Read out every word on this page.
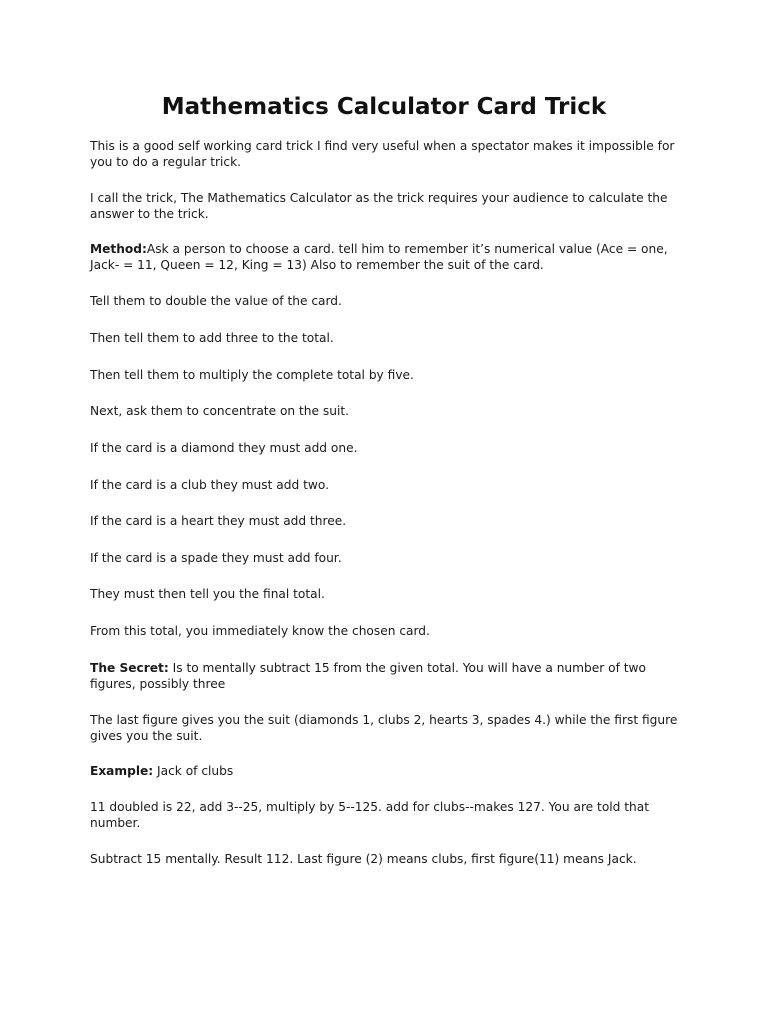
Mathematics Calculator Card Trick

This is a good self working card trick I find very useful when a spectator makes it impossible for
you to do a regular trick.

I call the trick, The Mathematics Calculator as the trick requires your audience to calculate the
answer to the trick.

Method:Ask a person to choose a card. tell him to remember it’s numerical value (Ace = one,
Jack- = 11, Queen = 12, King = 13) Also to remember the suit of the card.

Tell them to double the value of the card.

Then tell them to add three to the total.

Then tell them to multiply the complete total by five.

Next, ask them to concentrate on the suit.

If the card is a diamond they must add one.

If the card is a club they must add two.

If the card is a heart they must add three.

If the card is a spade they must add four.

They must then tell you the final total.

From this total, you immediately know the chosen card.

The Secret: Is to mentally subtract 15 from the given total. You will have a number of two
figures, possibly three

The last figure gives you the suit (diamonds 1, clubs 2, hearts 3, spades 4.) while the first figure
gives you the suit.

Example: Jack of clubs

11 doubled is 22, add 3--25, multiply by 5--125. add for clubs--makes 127. You are told that
number.

Subtract 15 mentally. Result 112. Last figure (2) means clubs, first figure(11) means Jack.
